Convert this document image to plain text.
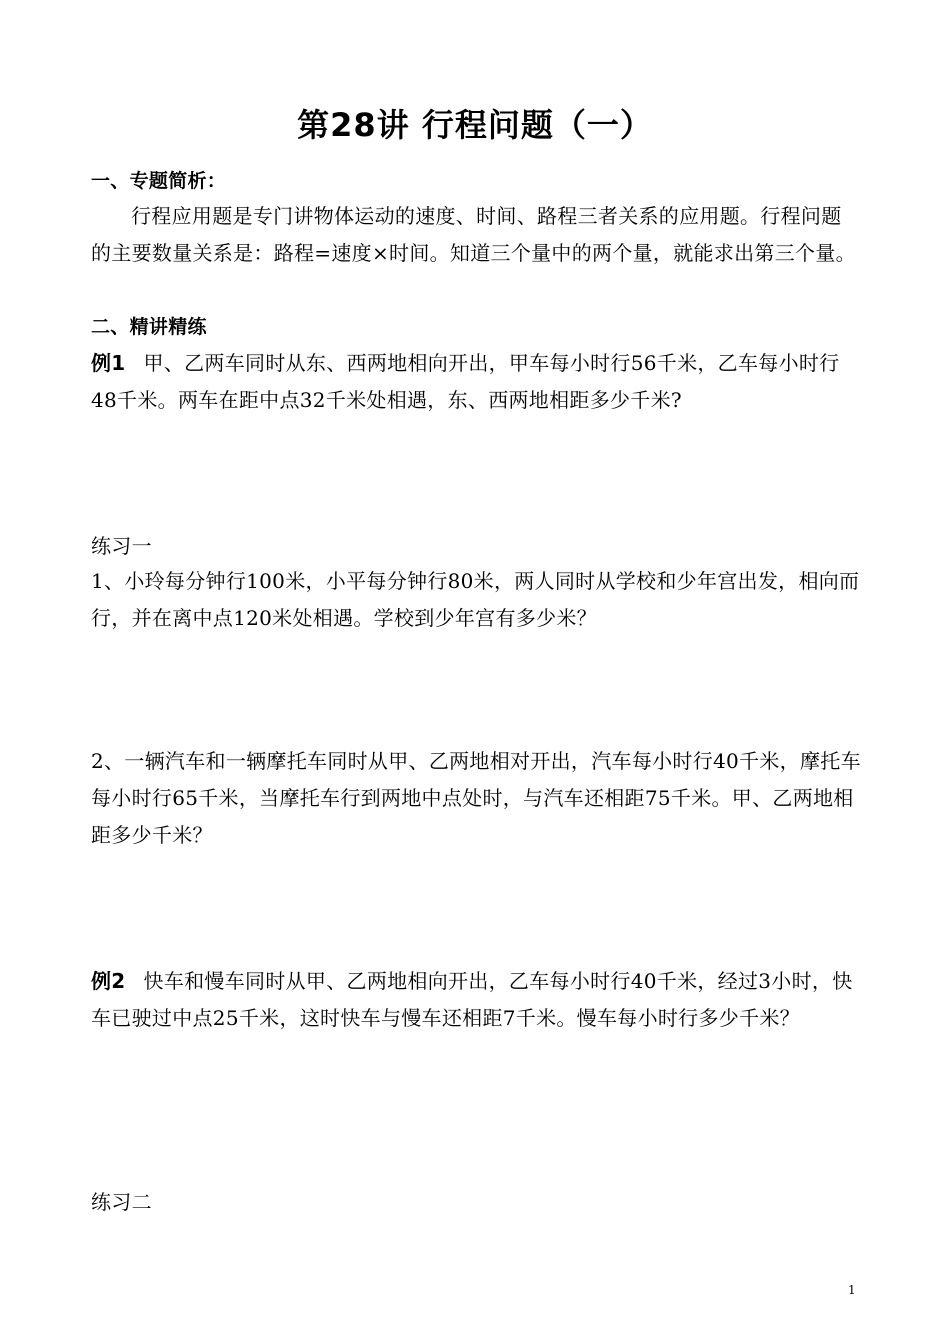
第28讲 行程问题（一）
一、专题简析：
行程应用题是专门讲物体运动的速度、时间、路程三者关系的应用题。行程问题的主要数量关系是：路程=速度×时间。知道三个量中的两个量，就能求出第三个量。
二、精讲精练
例1 甲、乙两车同时从东、西两地相向开出，甲车每小时行56千米，乙车每小时行48千米。两车在距中点32千米处相遇，东、西两地相距多少千米?
练习一
1、小玲每分钟行100米，小平每分钟行80米，两人同时从学校和少年宫出发，相向而行，并在离中点120米处相遇。学校到少年宫有多少米？
2、一辆汽车和一辆摩托车同时从甲、乙两地相对开出，汽车每小时行40千米，摩托车每小时行65千米，当摩托车行到两地中点处时，与汽车还相距75千米。甲、乙两地相距多少千米？
例2 快车和慢车同时从甲、乙两地相向开出，乙车每小时行40千米，经过3小时，快车已驶过中点25千米，这时快车与慢车还相距7千米。慢车每小时行多少千米？
练习二
1
